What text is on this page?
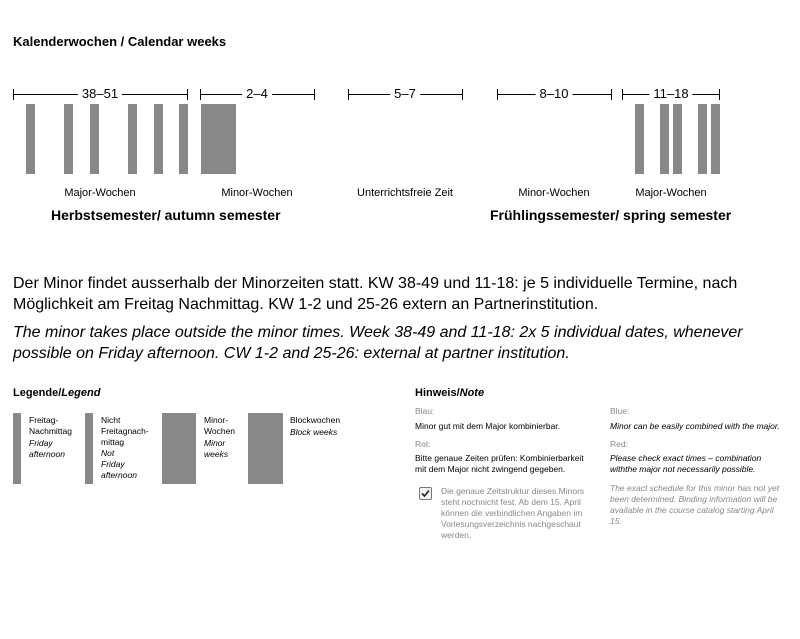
Kalenderwochen / Calendar weeks
38–51	2–4	5–7	8–10	11–18
Major-Wochen	Minor-Wochen	Unterrichtsfreie Zeit	Minor-Wochen	Major-Wochen
Herbstsemester/ autumn semester	Frühlingssemester/ spring semester
Der Minor findet ausserhalb der Minorzeiten statt. KW 38-49 und 11-18: je 5 individuelle Termine, nach Möglichkeit am Freitag Nachmittag. KW 1-2 und 25-26 extern an Partnerinstitution.
The minor takes place outside the minor times. Week 38-49 and 11-18: 2x 5 individual dates, whenever possible on Friday afternoon. CW 1-2 and 25-26: external at partner institution.
Legende/Legend
Freitag-
Nachmittag
Friday
afternoon
Nicht
Freitagnach-
mittag
Not
Friday
afternoon
Minor-
Wochen
Minor
weeks
Blockwochen
Block weeks
Hinweis/Note
Blau:
Minor gut mit dem Major kombinierbar.
Rot:
Bitte genaue Zeiten prüfen: Kombinierbarkeit mit dem Major nicht zwingend gegeben.
Die genaue Zeitstruktur dieses Minors steht nochnicht fest. Ab dem 15. April können die verbindlichen Angaben im Vorlesungsverzeichnis nachgeschaut werden.
Blue:
Minor can be easily combined with the major.
Red:
Please check exact times – combination withthe major not necessarily possible.
The exact schedule for this minor has not yet been determined. Binding information will be available in the course catalog starting April 15.
